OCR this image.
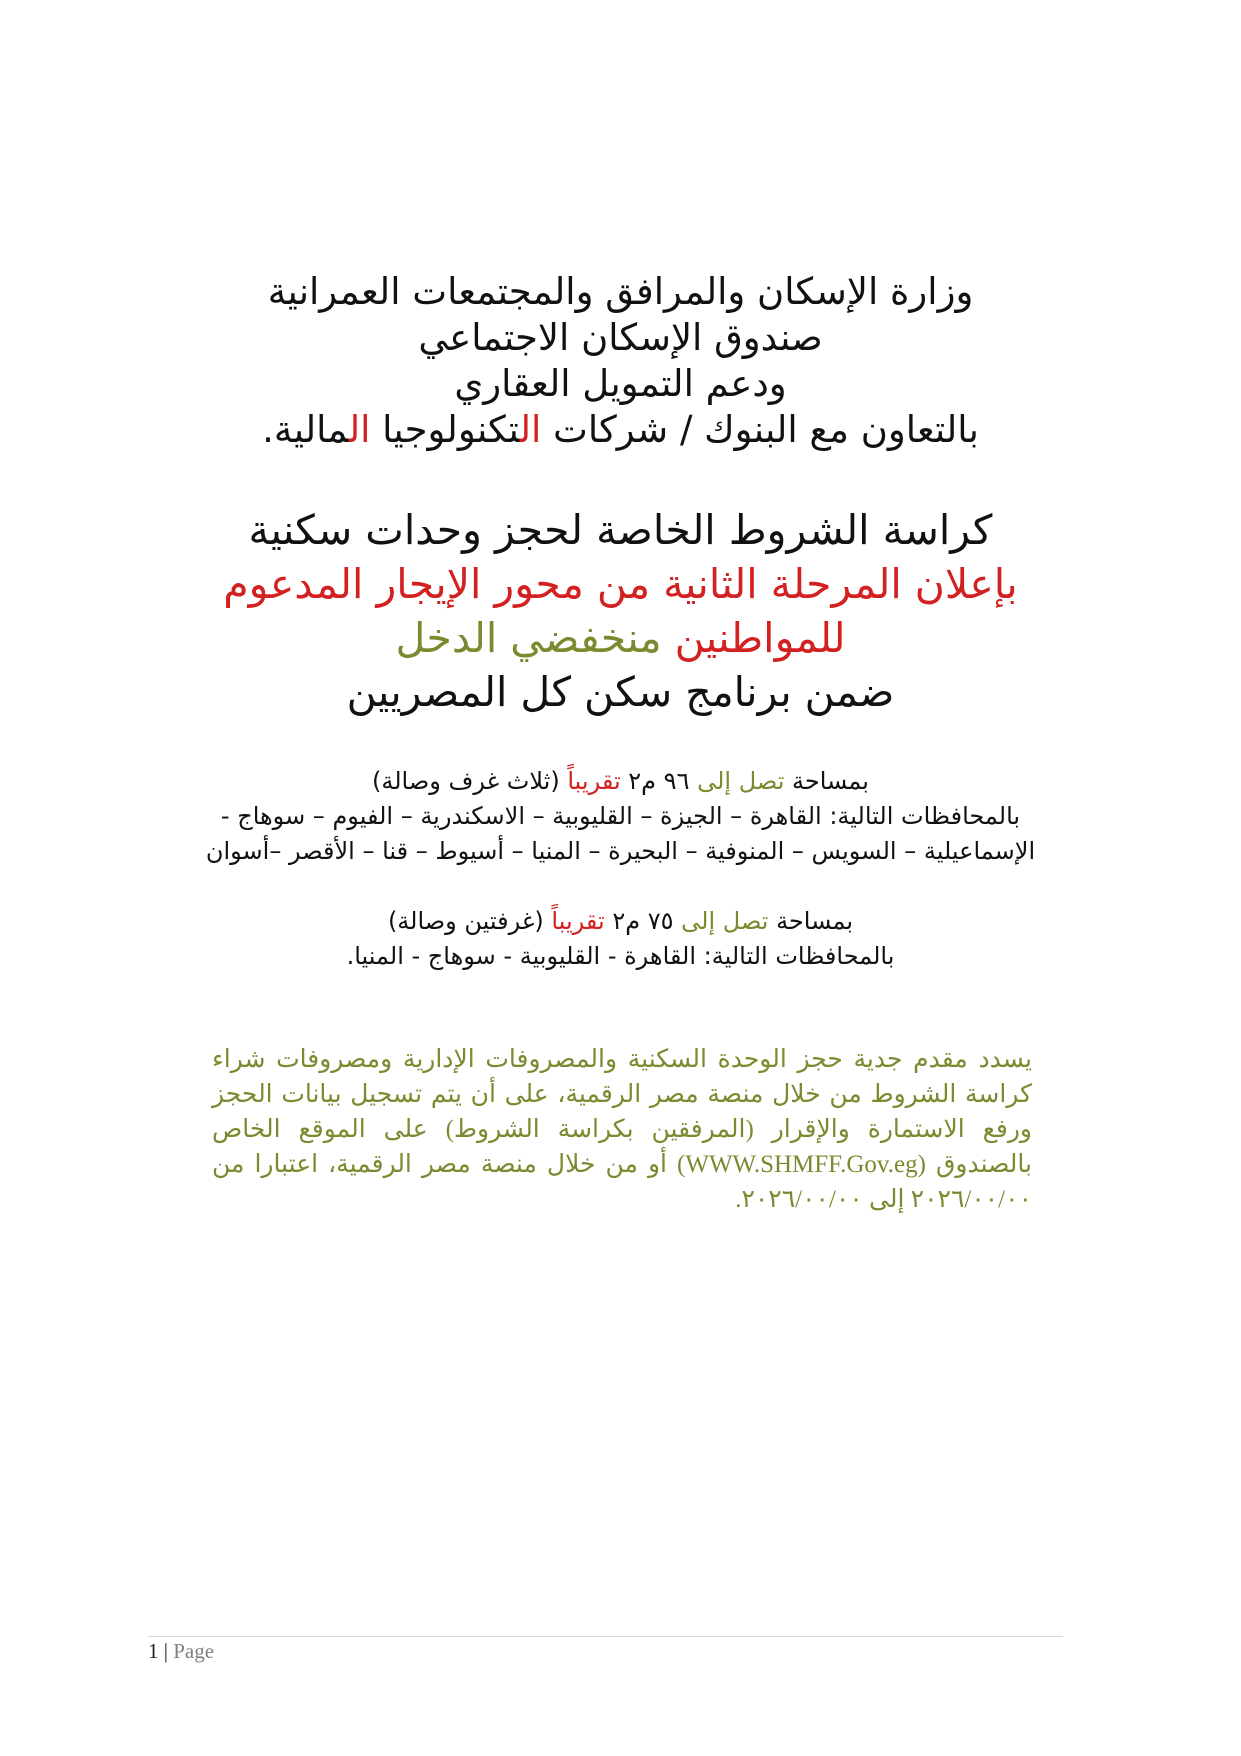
وزارة الإسكان والمرافق والمجتمعات العمرانية
صندوق الإسكان الاجتماعي
ودعم التمويل العقاري
بالتعاون مع البنوك / شركات التكنولوجيا المالية.
كراسة الشروط الخاصة لحجز وحدات سكنية
بإعلان المرحلة الثانية من محور الإيجار المدعوم
للمواطنين منخفضي الدخل
ضمن برنامج سكن كل المصريين
بمساحة تصل إلى ٩٦ م٢ تقريباً (ثلاث غرف وصالة)
بالمحافظات التالية: القاهرة – الجيزة – القليوبية – الاسكندرية – الفيوم – سوهاج -
الإسماعيلية – السويس – المنوفية – البحيرة – المنيا – أسيوط – قنا – الأقصر –أسوان
بمساحة تصل إلى ٧٥ م٢ تقريباً (غرفتين وصالة)
بالمحافظات التالية: القاهرة - القليوبية - سوهاج - المنيا.
يسدد مقدم جدية حجز الوحدة السكنية والمصروفات الإدارية ومصروفات شراء كراسة الشروط من خلال منصة مصر الرقمية، على أن يتم تسجيل بيانات الحجز ورفع الاستمارة والإقرار (المرفقين بكراسة الشروط) على الموقع الخاص بالصندوق (WWW.SHMFF.Gov.eg) أو من خلال منصة مصر الرقمية، اعتبارا من ٢٠٢٦/٠٠/٠٠ إلى ٢٠٢٦/٠٠/٠٠.
1 | Page
